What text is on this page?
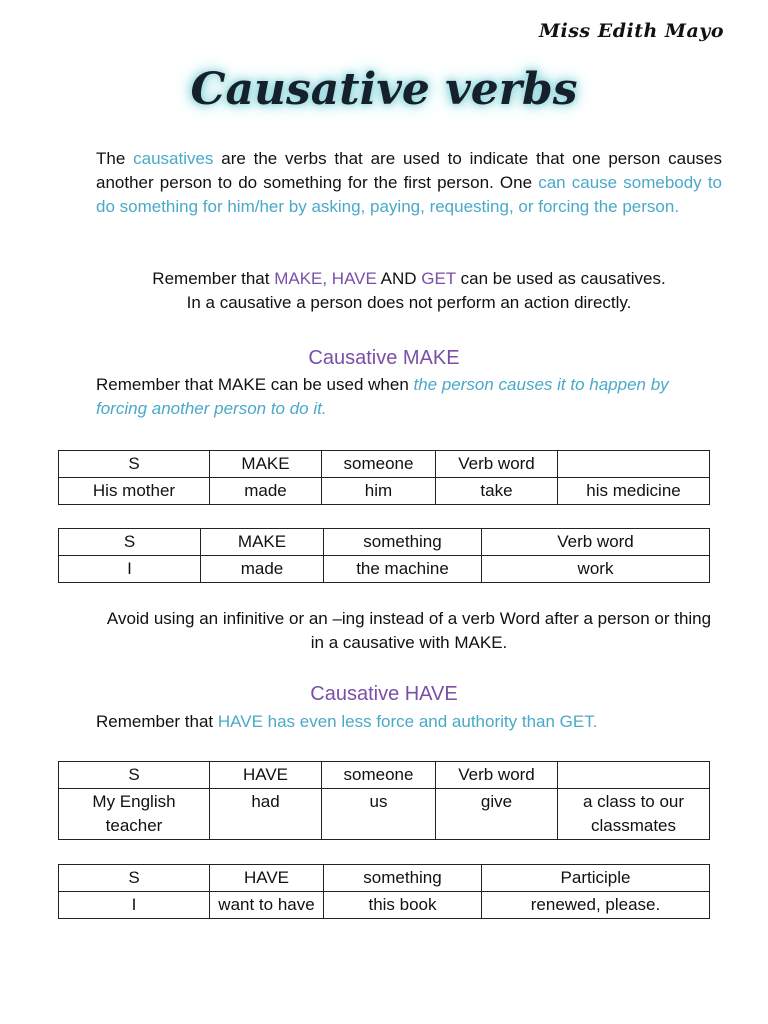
Miss Edith Mayo
Causative verbs
The causatives are the verbs that are used to indicate that one person causes another person to do something for the first person. One can cause somebody to do something for him/her by asking, paying, requesting, or forcing the person.
Remember that MAKE, HAVE AND GET can be used as causatives.
In a causative a person does not perform an action directly.
Causative MAKE
Remember that MAKE can be used when the person causes it to happen by forcing another person to do it.
S	MAKE	someone	Verb word	
His mother	made	him	take	his medicine
S	MAKE	something	Verb word
I	made	the machine	work
Avoid using an infinitive or an –ing instead of a verb Word after a person or thing in a causative with MAKE.
Causative HAVE
Remember that HAVE has even less force and authority than GET.
S	HAVE	someone	Verb word	
My English teacher	had	us	give	a class to our classmates
S	HAVE	something	Participle
I	want to have	this book	renewed, please.
